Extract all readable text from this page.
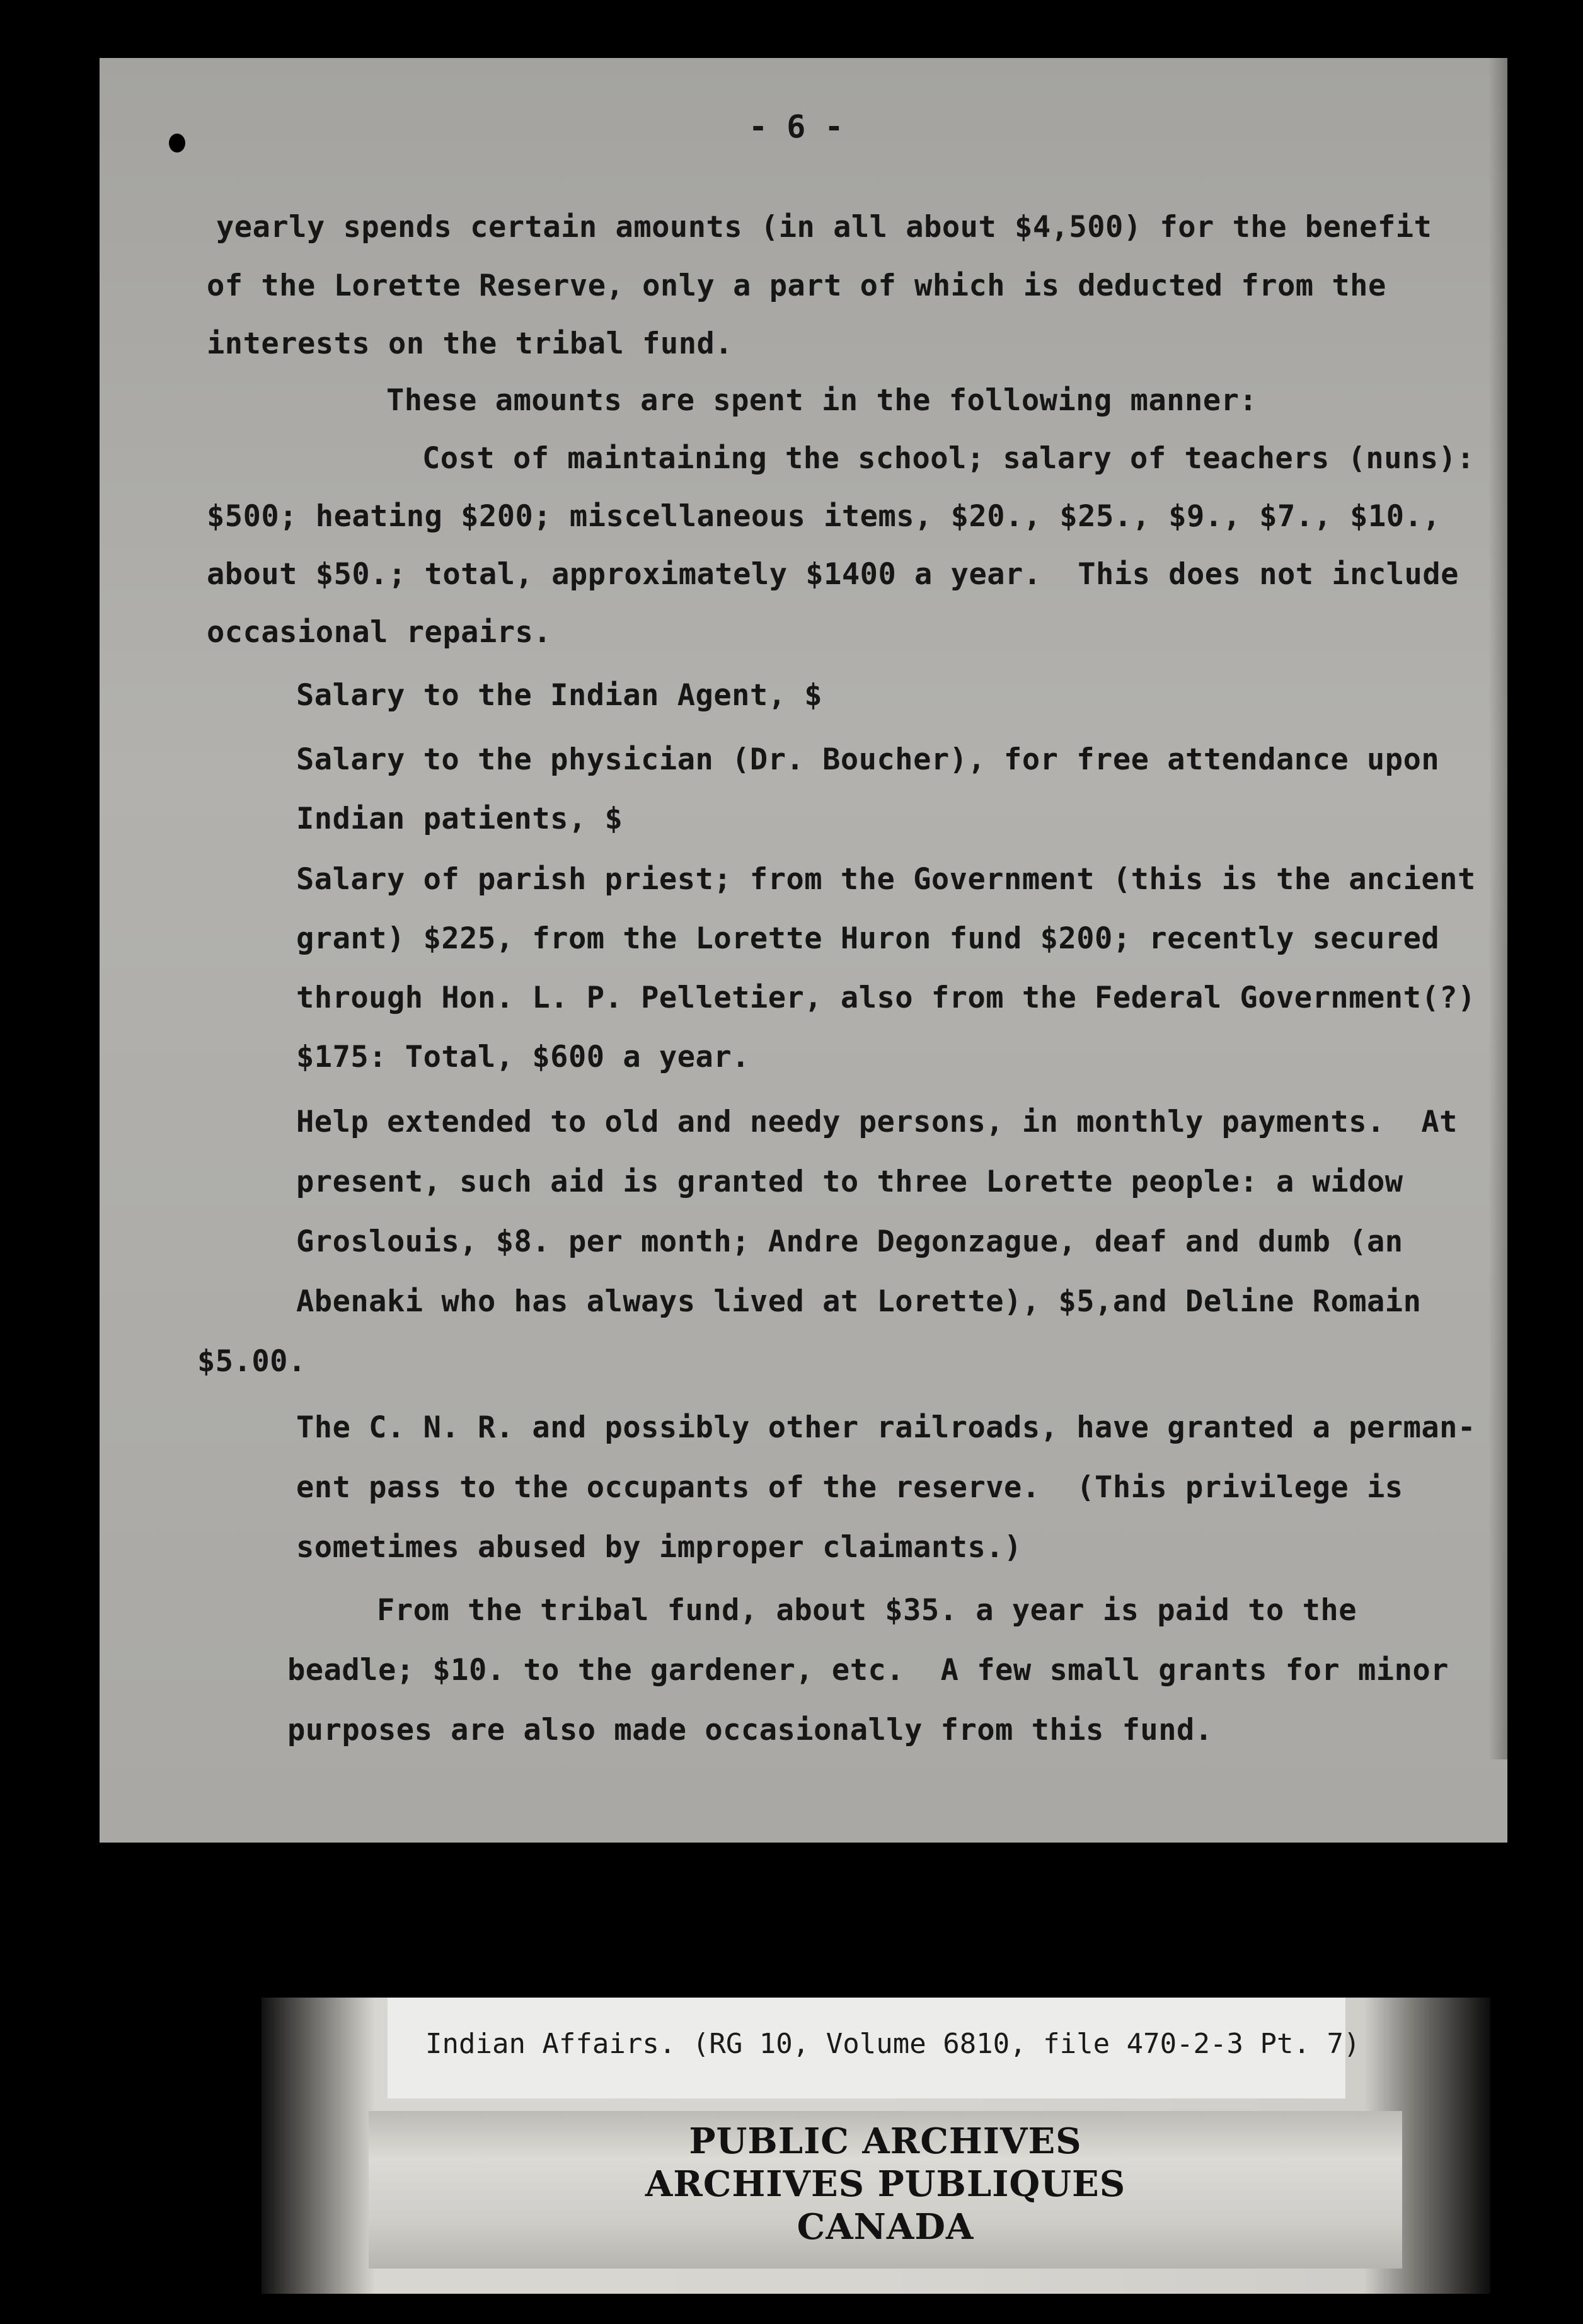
- 6 -
yearly spends certain amounts (in all about $4,500) for the benefit
of the Lorette Reserve, only a part of which is deducted from the
interests on the tribal fund.
These amounts are spent in the following manner:
Cost of maintaining the school; salary of teachers (nuns):
$500; heating $200; miscellaneous items, $20., $25., $9., $7., $10.,
about $50.; total, approximately $1400 a year.  This does not include
occasional repairs.
Salary to the Indian Agent, $
Salary to the physician (Dr. Boucher), for free attendance upon
Indian patients, $
Salary of parish priest; from the Government (this is the ancient
grant) $225, from the Lorette Huron fund $200; recently secured
through Hon. L. P. Pelletier, also from the Federal Government(?)
$175: Total, $600 a year.
Help extended to old and needy persons, in monthly payments.  At
present, such aid is granted to three Lorette people: a widow
Groslouis, $8. per month; Andre Degonzague, deaf and dumb (an
Abenaki who has always lived at Lorette), $5,and Deline Romain
$5.00.
The C. N. R. and possibly other railroads, have granted a perman-
ent pass to the occupants of the reserve.  (This privilege is
sometimes abused by improper claimants.)
From the tribal fund, about $35. a year is paid to the
beadle; $10. to the gardener, etc.  A few small grants for minor
purposes are also made occasionally from this fund.
Indian Affairs. (RG 10, Volume 6810, file 470-2-3 Pt. 7)
PUBLIC ARCHIVES
ARCHIVES PUBLIQUES
CANADA
